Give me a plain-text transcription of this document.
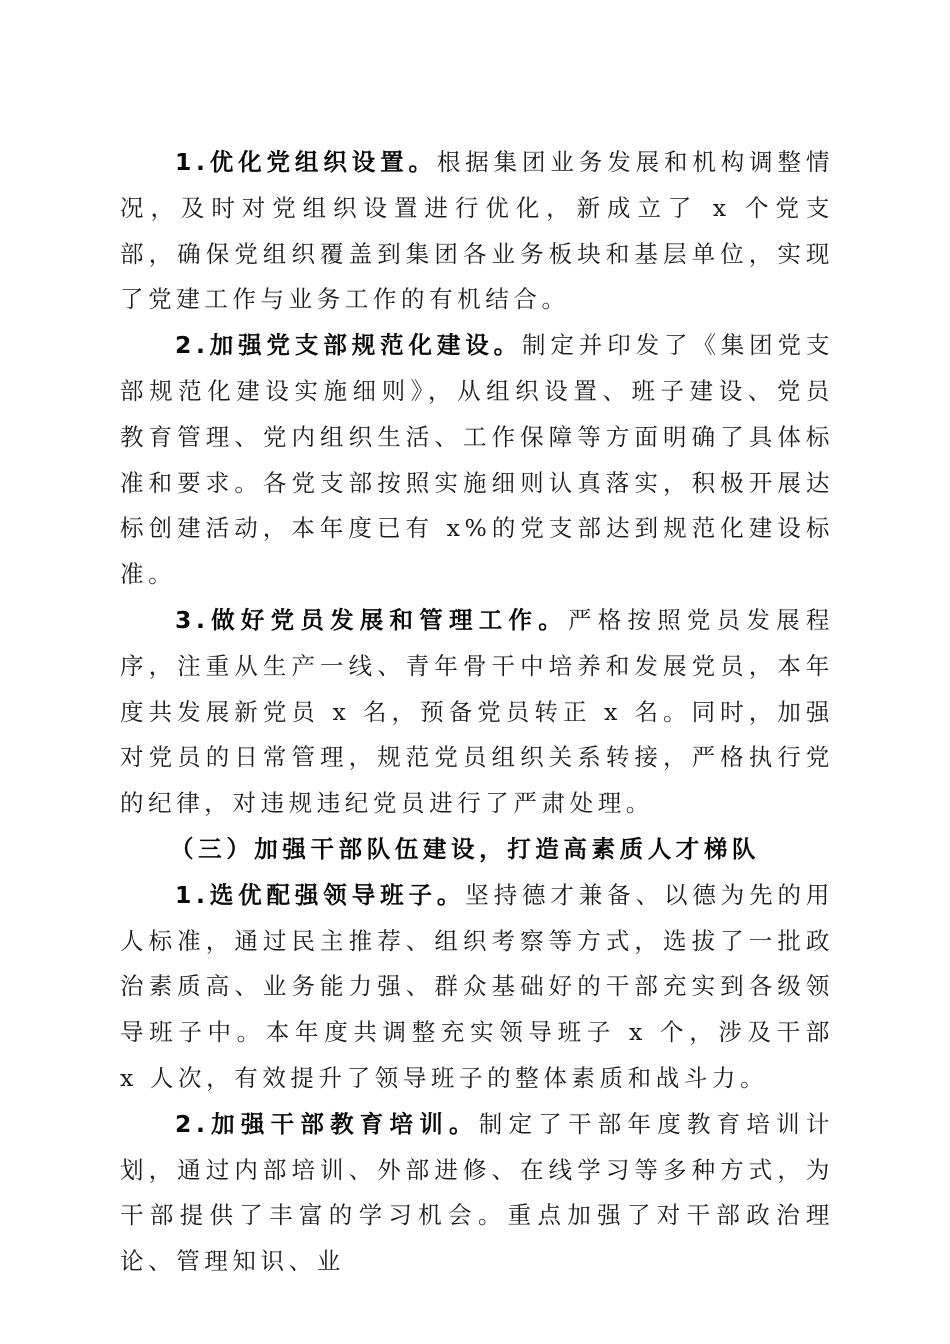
1.优化党组织设置。根据集团业务发展和机构调整情况，及时对党组织设置进行优化，新成立了 x 个党支部，确保党组织覆盖到集团各业务板块和基层单位，实现了党建工作与业务工作的有机结合。

2.加强党支部规范化建设。制定并印发了《集团党支部规范化建设实施细则》，从组织设置、班子建设、党员教育管理、党内组织生活、工作保障等方面明确了具体标准和要求。各党支部按照实施细则认真落实，积极开展达标创建活动，本年度已有 x%的党支部达到规范化建设标准。

3.做好党员发展和管理工作。严格按照党员发展程序，注重从生产一线、青年骨干中培养和发展党员，本年度共发展新党员 x 名，预备党员转正 x 名。同时，加强对党员的日常管理，规范党员组织关系转接，严格执行党的纪律，对违规违纪党员进行了严肃处理。

（三）加强干部队伍建设，打造高素质人才梯队

1.选优配强领导班子。坚持德才兼备、以德为先的用人标准，通过民主推荐、组织考察等方式，选拔了一批政治素质高、业务能力强、群众基础好的干部充实到各级领导班子中。本年度共调整充实领导班子 x 个，涉及干部 x 人次，有效提升了领导班子的整体素质和战斗力。

2.加强干部教育培训。制定了干部年度教育培训计划，通过内部培训、外部进修、在线学习等多种方式，为干部提供了丰富的学习机会。重点加强了对干部政治理论、管理知识、业
